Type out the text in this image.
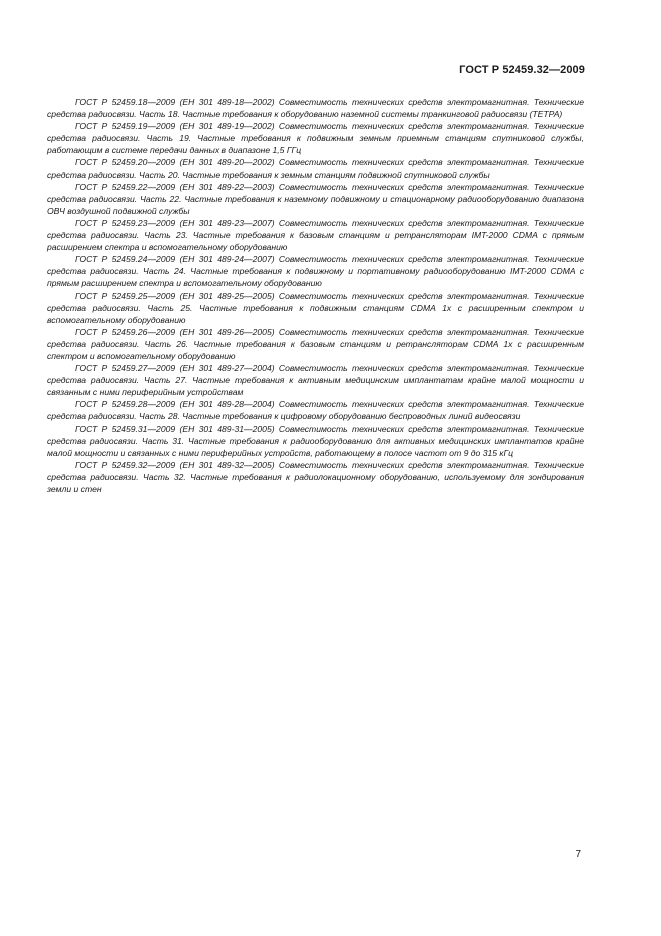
ГОСТ Р 52459.32—2009

ГОСТ Р 52459.18—2009 (ЕН 301 489-18—2002) Совместимость технических средств электромагнитная. Технические средства радиосвязи. Часть 18. Частные требования к оборудованию наземной системы транкинговой радиосвязи (TETPA)

ГОСТ Р 52459.19—2009 (ЕН 301 489-19—2002) Совместимость технических средств электромагнитная. Технические средства радиосвязи. Часть 19. Частные требования к подвижным земным приемным станциям спутниковой службы, работающим в системе передачи данных в диапазоне 1,5 ГГц

ГОСТ Р 52459.20—2009 (ЕН 301 489-20—2002) Совместимость технических средств электромагнитная. Технические средства радиосвязи. Часть 20. Частные требования к земным станциям подвижной спутниковой службы

ГОСТ Р 52459.22—2009 (ЕН 301 489-22—2003) Совместимость технических средств электромагнитная. Технические средства радиосвязи. Часть 22. Частные требования к наземному подвижному и стационарному радиооборудованию диапазона ОВЧ воздушной подвижной службы

ГОСТ Р 52459.23—2009 (ЕН 301 489-23—2007) Совместимость технических средств электромагнитная. Технические средства радиосвязи. Часть 23. Частные требования к базовым станциям и ретрансляторам IMT-2000 CDMA с прямым расширением спектра и вспомогательному оборудованию

ГОСТ Р 52459.24—2009 (ЕН 301 489-24—2007) Совместимость технических средств электромагнитная. Технические средства радиосвязи. Часть 24. Частные требования к подвижному и портативному радиооборудованию IMT-2000 CDMA с прямым расширением спектра и вспомогательному оборудованию

ГОСТ Р 52459.25—2009 (ЕН 301 489-25—2005) Совместимость технических средств электромагнитная. Технические средства радиосвязи. Часть 25. Частные требования к подвижным станциям CDMA 1x с расширенным спектром и вспомогательному оборудованию

ГОСТ Р 52459.26—2009 (ЕН 301 489-26—2005) Совместимость технических средств электромагнитная. Технические средства радиосвязи. Часть 26. Частные требования к базовым станциям и ретрансляторам CDMA 1x с расширенным спектром и вспомогательному оборудованию

ГОСТ Р 52459.27—2009 (ЕН 301 489-27—2004) Совместимость технических средств электромагнитная. Технические средства радиосвязи. Часть 27. Частные требования к активным медицинским имплантатам крайне малой мощности и связанным с ними периферийным устройствам

ГОСТ Р 52459.28—2009 (ЕН 301 489-28—2004) Совместимость технических средств электромагнитная. Технические средства радиосвязи. Часть 28. Частные требования к цифровому оборудованию беспроводных линий видеосвязи

ГОСТ Р 52459.31—2009 (ЕН 301 489-31—2005) Совместимость технических средств электромагнитная. Технические средства радиосвязи. Часть 31. Частные требования к радиооборудованию для активных медицинских имплантатов крайне малой мощности и связанных с ними периферийных устройств, работающему в полосе частот от 9 до 315 кГц

ГОСТ Р 52459.32—2009 (ЕН 301 489-32—2005) Совместимость технических средств электромагнитная. Технические средства радиосвязи. Часть 32. Частные требования к радиолокационному оборудованию, используемому для зондирования земли и стен

7
